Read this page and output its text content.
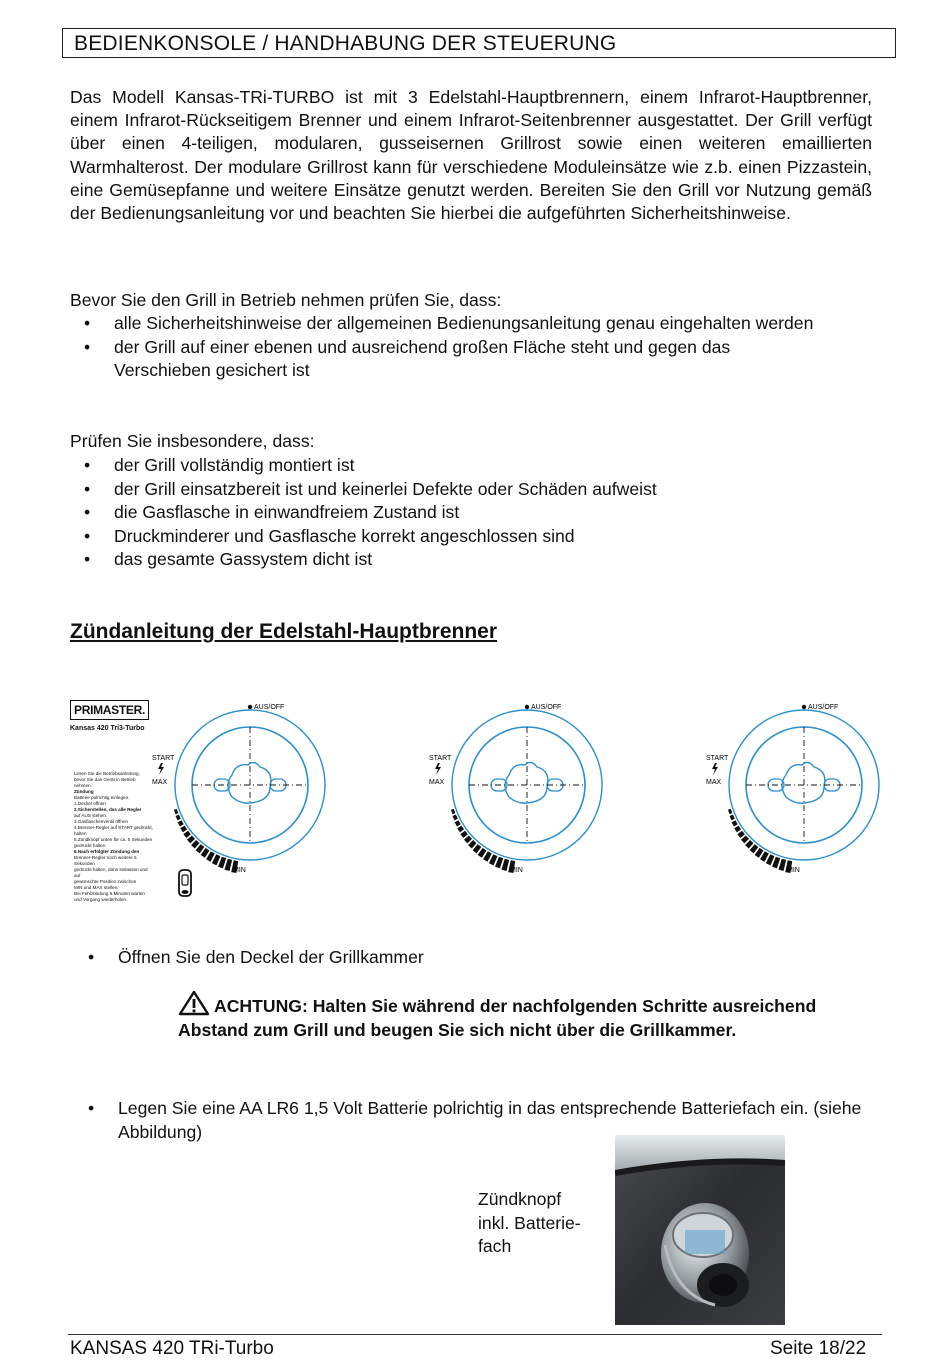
BEDIENKONSOLE / HANDHABUNG DER STEUERUNG
Das Modell Kansas-TRi-TURBO ist mit 3 Edelstahl-Hauptbrennern, einem Infrarot-Hauptbrenner, einem Infrarot-Rückseitigem Brenner und einem Infrarot-Seitenbrenner ausgestattet. Der Grill verfügt über einen 4-teiligen, modularen, gusseisernen Grillrost sowie einen weiteren emaillierten Warmhalterost. Der modulare Grillrost kann für verschiedene Moduleinsätze wie z.b. einen Pizzastein, eine Gemüsepfanne und weitere Einsätze genutzt werden. Bereiten Sie den Grill vor Nutzung gemäß der Bedienungsanleitung vor und beachten Sie hierbei die aufgeführten Sicherheitshinweise.
Bevor Sie den Grill in Betrieb nehmen prüfen Sie, dass:
• alle Sicherheitshinweise der allgemeinen Bedienungsanleitung genau eingehalten werden
• der Grill auf einer ebenen und ausreichend großen Fläche steht und gegen das Verschieben gesichert ist
Prüfen Sie insbesondere, dass:
• der Grill vollständig montiert ist
• der Grill einsatzbereit ist und keinerlei Defekte oder Schäden aufweist
• die Gasflasche in einwandfreiem Zustand ist
• Druckminderer und Gasflasche korrekt angeschlossen sind
• das gesamte Gassystem dicht ist
Zündanleitung der Edelstahl-Hauptbrenner
PRIMASTER.
Kansas 420 Tri3-Turbo
Lesen Sie die Betriebsanleitung,
bevor Sie das Gerät in Betrieb
nehmen.
Zündung
Batterie polrichtig einlegen.
1.Deckel öffnen
2.Sicherstellen, das alle Regler
auf AUS stehen.
3.Gasflaschenventil öffnen
4.Brenner-Regler auf START gedrückt,
halten
5.Zündknopf unten für ca. 5 Sekunden
gedrückt halten
6.Nach erfolgter Zündung den
Brenner-Regler noch weitere 5 Sekunden
gedrückt halten, dann loslassen und auf
gewünschte Position zwischen
MIN und MAX stellen.
Bei Fehlzündung 5 Minuten warten
und Vorgang wiederholen.
AUS/OFF
START
MAX
MIN
AUS/OFF
START
MAX
MIN
AUS/OFF
START
MAX
MIN
• Öffnen Sie den Deckel der Grillkammer
ACHTUNG: Halten Sie während der nachfolgenden Schritte ausreichend Abstand zum Grill und beugen Sie sich nicht über die Grillkammer.
• Legen Sie eine AA LR6 1,5 Volt Batterie polrichtig in das entsprechende Batteriefach ein. (siehe Abbildung)
Zündknopf
inkl. Batterie-
fach
KANSAS 420 TRi-Turbo	Seite 18/22
